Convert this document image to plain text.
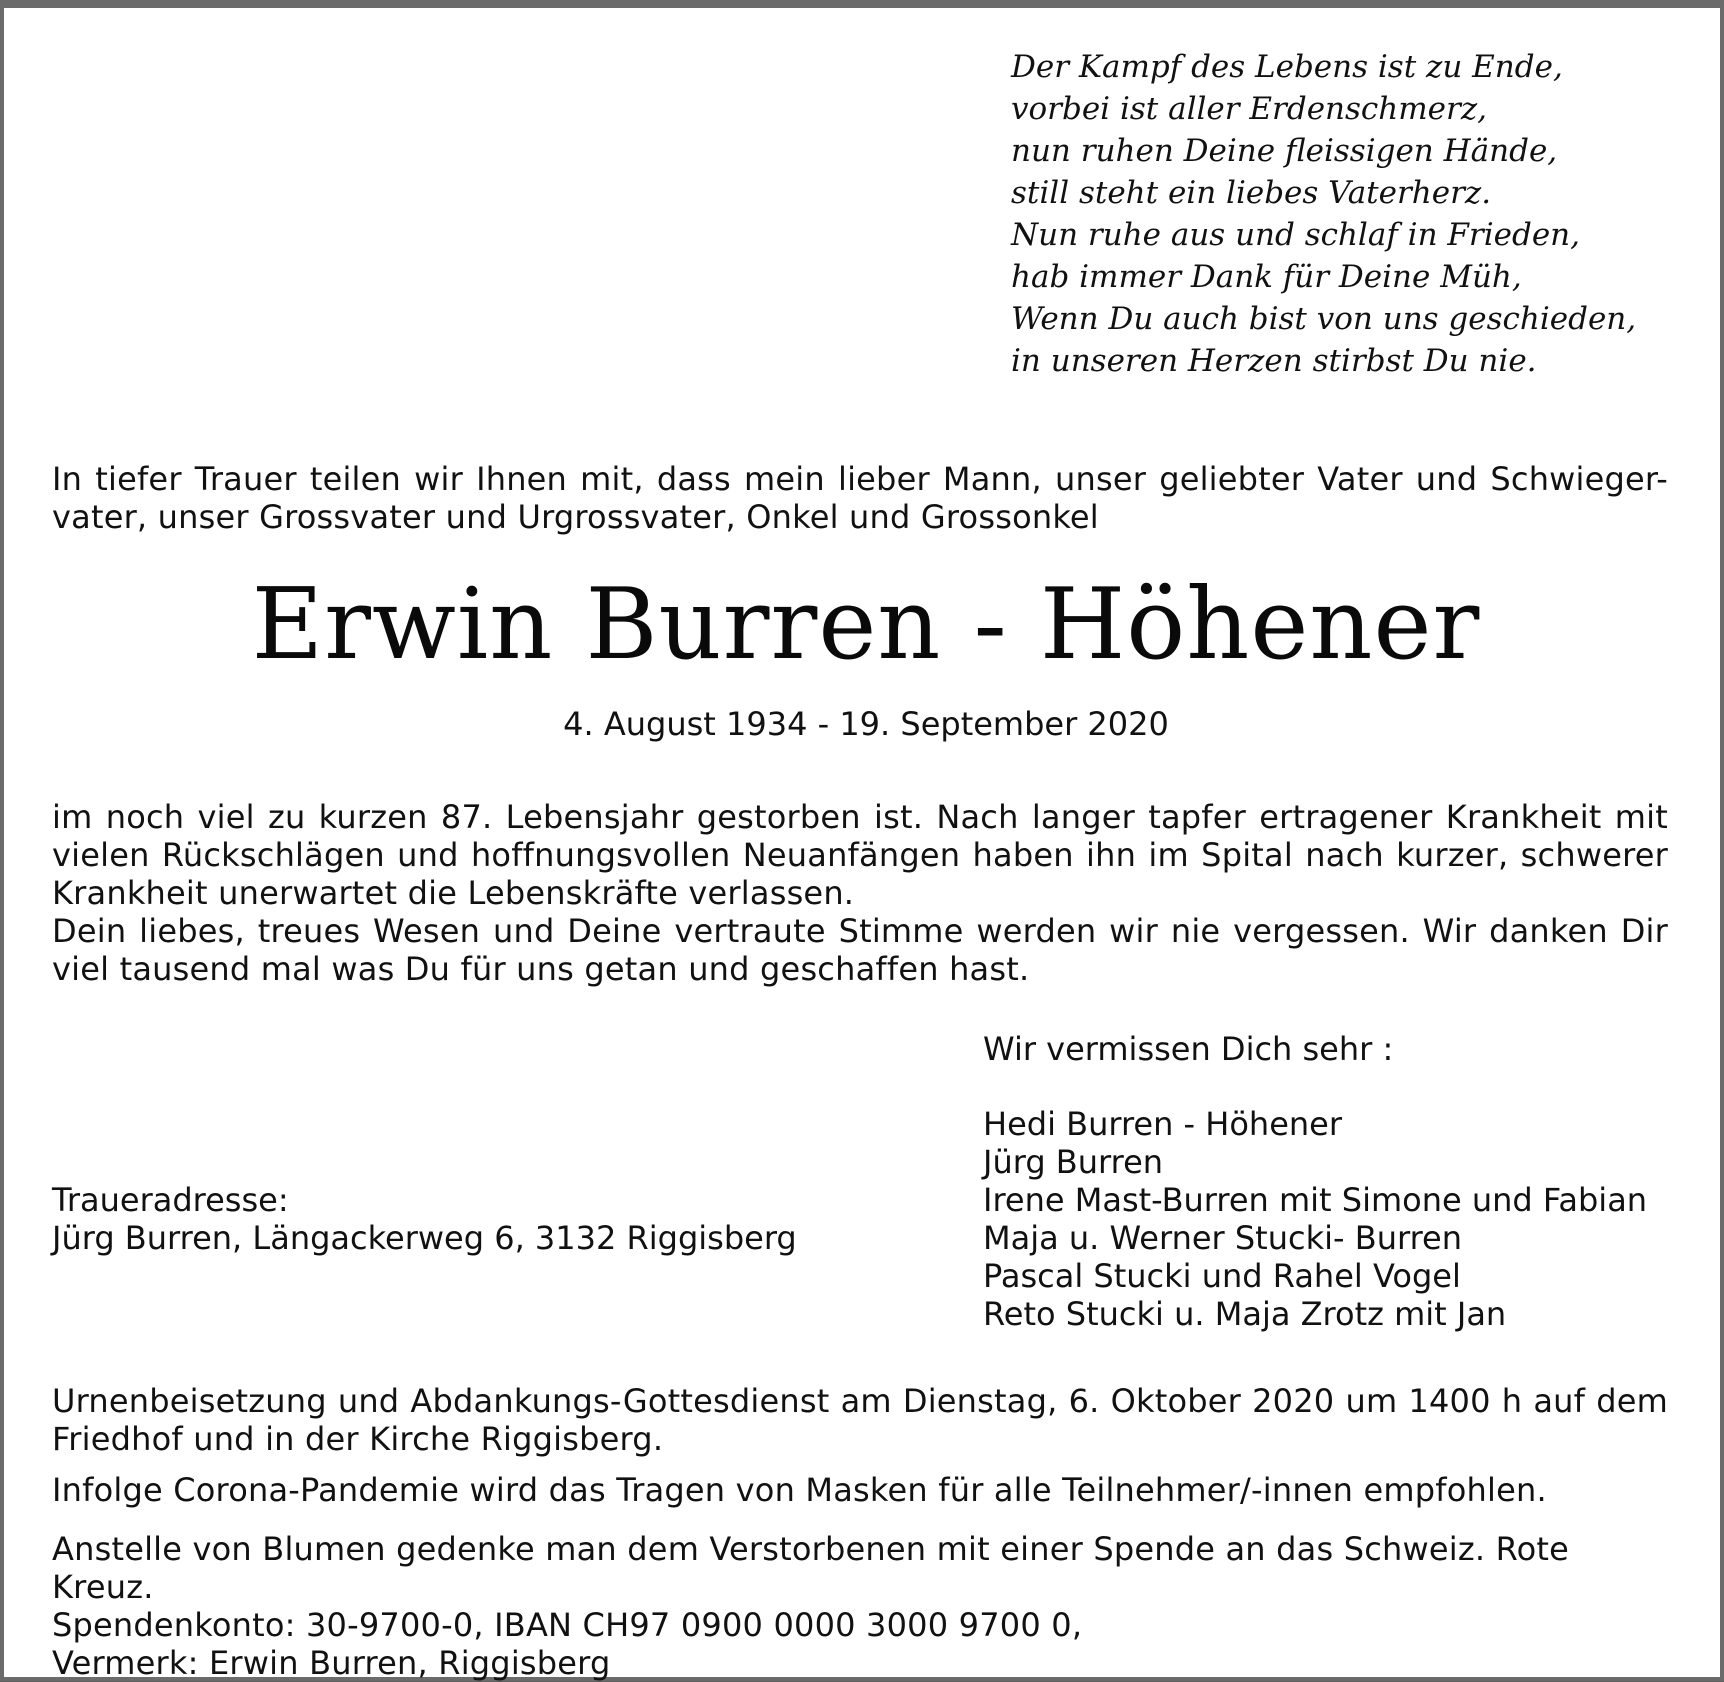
Der Kampf des Lebens ist zu Ende,
vorbei ist aller Erdenschmerz,
nun ruhen Deine fleissigen Hände,
still steht ein liebes Vaterherz.
Nun ruhe aus und schlaf in Frieden,
hab immer Dank für Deine Müh,
Wenn Du auch bist von uns geschieden,
in unseren Herzen stirbst Du nie.
In tiefer Trauer teilen wir Ihnen mit, dass mein lieber Mann, unser geliebter Vater und Schwieger-
vater, unser Grossvater und Urgrossvater, Onkel und Grossonkel
Erwin Burren - Höhener
4. August 1934 - 19. September 2020
im noch viel zu kurzen 87. Lebensjahr gestorben ist. Nach langer tapfer ertragener Krankheit mit
vielen Rückschlägen und hoffnungsvollen Neuanfängen haben ihn im Spital nach kurzer, schwerer
Krankheit unerwartet die Lebenskräfte verlassen.
Dein liebes, treues Wesen und Deine vertraute Stimme werden wir nie vergessen. Wir danken Dir
viel tausend mal was Du für uns getan und geschaffen hast.
Wir vermissen Dich sehr :
Hedi Burren - Höhener
Jürg Burren
Irene Mast-Burren mit Simone und Fabian
Maja u. Werner Stucki- Burren
Pascal Stucki und Rahel Vogel
Reto Stucki u. Maja Zrotz mit Jan
Traueradresse:
Jürg Burren, Längackerweg 6, 3132 Riggisberg
Urnenbeisetzung und Abdankungs-Gottesdienst am Dienstag, 6. Oktober 2020 um 1400 h auf dem
Friedhof und in der Kirche Riggisberg.
Infolge Corona-Pandemie wird das Tragen von Masken für alle Teilnehmer/-innen empfohlen.
Anstelle von Blumen gedenke man dem Verstorbenen mit einer Spende an das Schweiz. Rote Kreuz.
Spendenkonto: 30-9700-0, IBAN CH97 0900 0000 3000 9700 0,
Vermerk: Erwin Burren, Riggisberg
